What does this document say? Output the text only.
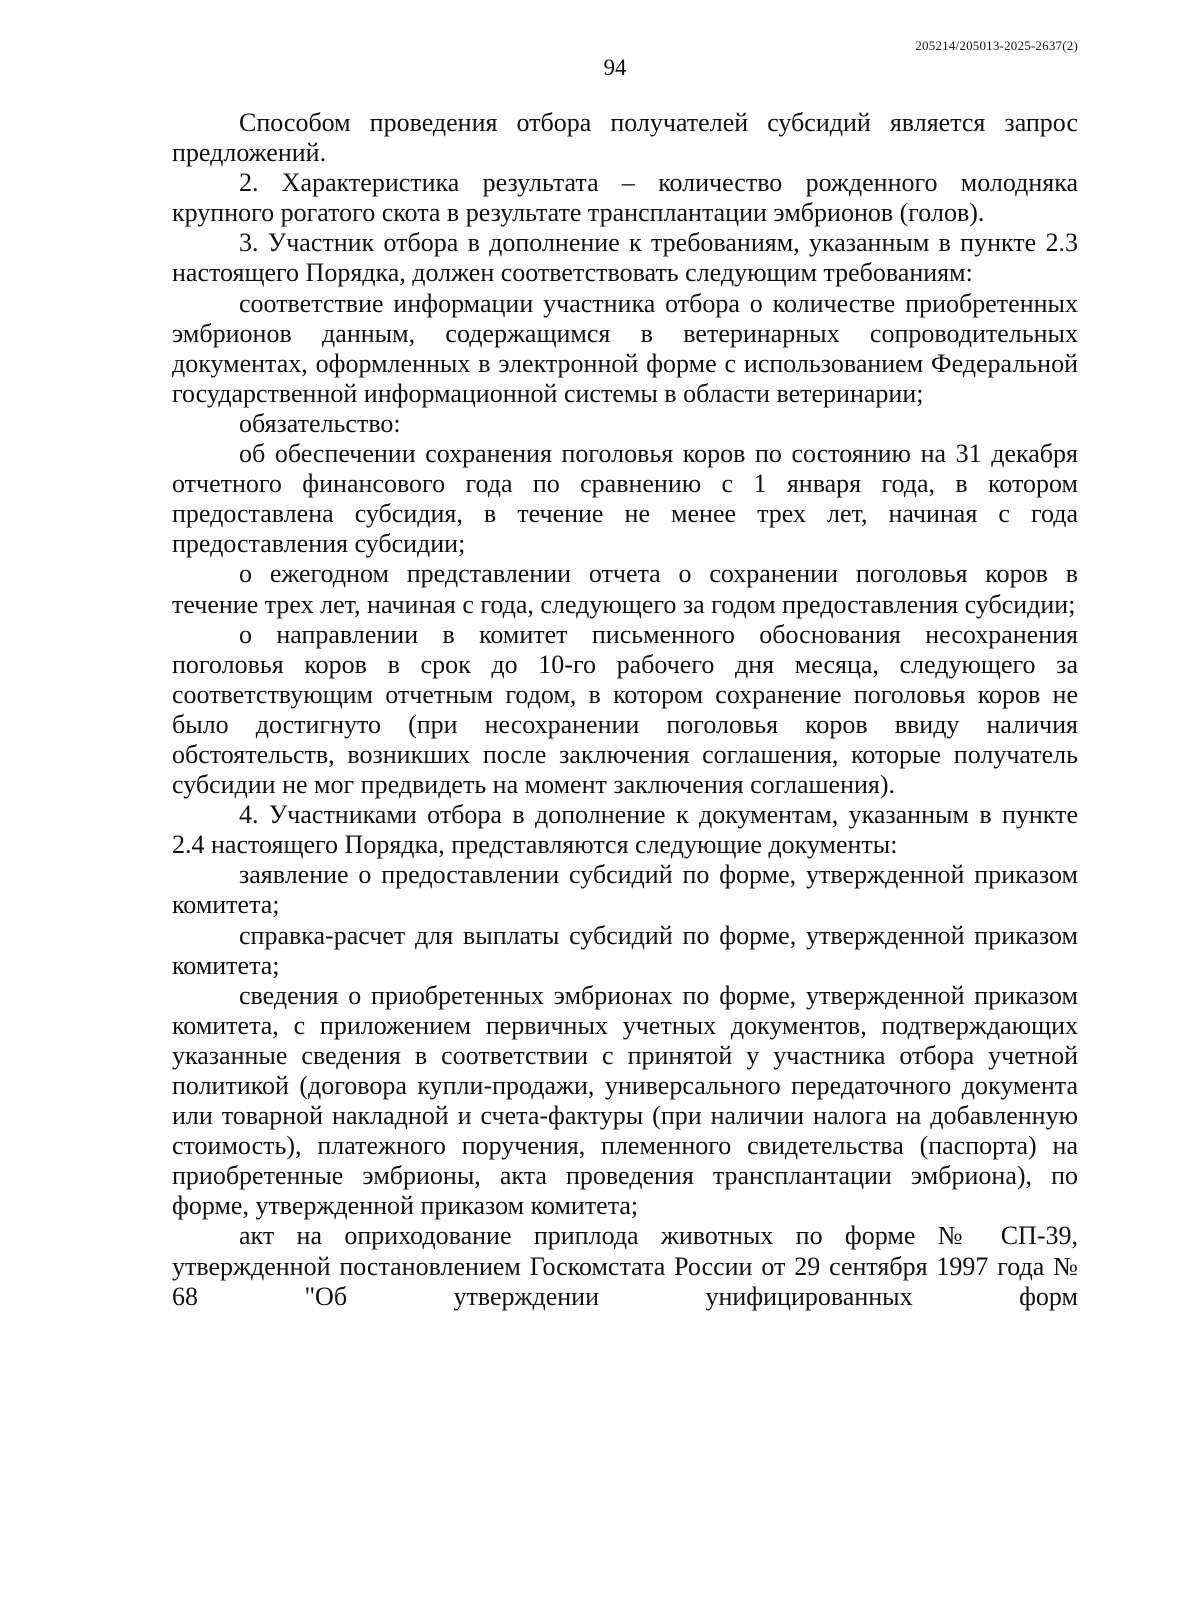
205214/205013-2025-2637(2)
94

Способом проведения отбора получателей субсидий является запрос предложений.

2. Характеристика результата – количество рожденного молодняка крупного рогатого скота в результате трансплантации эмбрионов (голов).

3. Участник отбора в дополнение к требованиям, указанным в пункте 2.3 настоящего Порядка, должен соответствовать следующим требованиям:

соответствие информации участника отбора о количестве приобретенных эмбрионов данным, содержащимся в ветеринарных сопроводительных документах, оформленных в электронной форме с использованием Федеральной государственной информационной системы в области ветеринарии;

обязательство:

об обеспечении сохранения поголовья коров по состоянию на 31 декабря отчетного финансового года по сравнению с 1 января года, в котором предоставлена субсидия, в течение не менее трех лет, начиная с года предоставления субсидии;

о ежегодном представлении отчета о сохранении поголовья коров в течение трех лет, начиная с года, следующего за годом предоставления субсидии;

о направлении в комитет письменного обоснования несохранения поголовья коров в срок до 10-го рабочего дня месяца, следующего за соответствующим отчетным годом, в котором сохранение поголовья коров не было достигнуто (при несохранении поголовья коров ввиду наличия обстоятельств, возникших после заключения соглашения, которые получатель субсидии не мог предвидеть на момент заключения соглашения).

4. Участниками отбора в дополнение к документам, указанным в пункте 2.4 настоящего Порядка, представляются следующие документы:

заявление о предоставлении субсидий по форме, утвержденной приказом комитета;

справка-расчет для выплаты субсидий по форме, утвержденной приказом комитета;

сведения о приобретенных эмбрионах по форме, утвержденной приказом комитета, с приложением первичных учетных документов, подтверждающих указанные сведения в соответствии с принятой у участника отбора учетной политикой (договора купли-продажи, универсального передаточного документа или товарной накладной и счета-фактуры (при наличии налога на добавленную стоимость), платежного поручения, племенного свидетельства (паспорта) на приобретенные эмбрионы, акта проведения трансплантации эмбриона), по форме, утвержденной приказом комитета;

акт на оприходование приплода животных по форме № СП-39, утвержденной постановлением Госкомстата России от 29 сентября 1997 года № 68 "Об утверждении унифицированных форм
